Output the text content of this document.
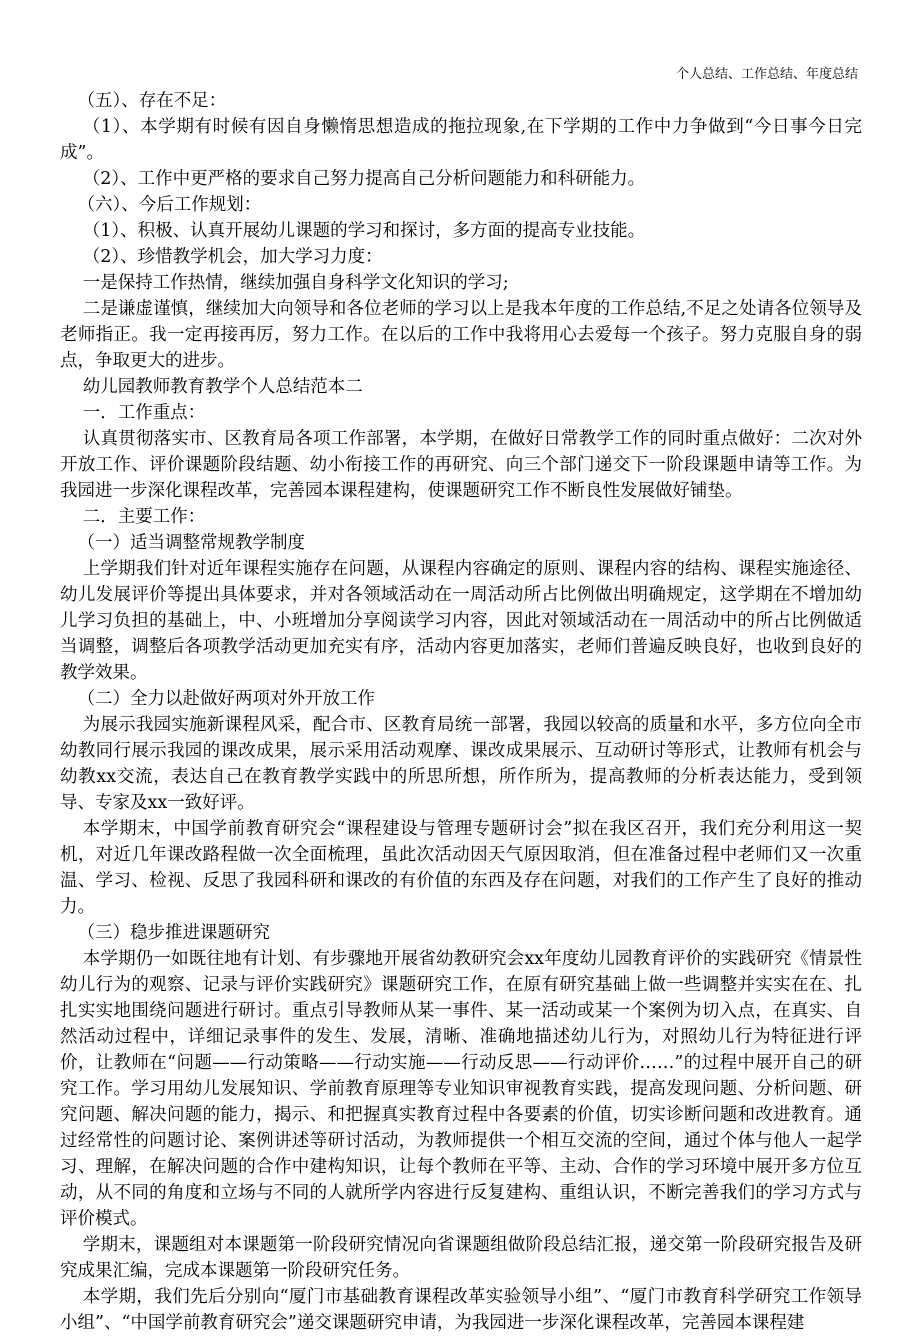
个人总结、工作总结、年度总结

（五）、存在不足：

（1）、本学期有时候有因自身懒惰思想造成的拖拉现象,在下学期的工作中力争做到“今日事今日完成”。

（2）、工作中更严格的要求自己努力提高自己分析问题能力和科研能力。

（六）、今后工作规划：

（1）、积极、认真开展幼儿课题的学习和探讨，多方面的提高专业技能。

（2）、珍惜教学机会，加大学习力度：

一是保持工作热情，继续加强自身科学文化知识的学习;

二是谦虚谨慎，继续加大向领导和各位老师的学习以上是我本年度的工作总结,不足之处请各位领导及老师指正。我一定再接再厉，努力工作。在以后的工作中我将用心去爱每一个孩子。努力克服自身的弱点，争取更大的进步。

幼儿园教师教育教学个人总结范本二

一．工作重点：

认真贯彻落实市、区教育局各项工作部署，本学期，在做好日常教学工作的同时重点做好：二次对外开放工作、评价课题阶段结题、幼小衔接工作的再研究、向三个部门递交下一阶段课题申请等工作。为我园进一步深化课程改革，完善园本课程建构，使课题研究工作不断良性发展做好铺垫。

二．主要工作：

（一）适当调整常规教学制度

上学期我们针对近年课程实施存在问题，从课程内容确定的原则、课程内容的结构、课程实施途径、幼儿发展评价等提出具体要求，并对各领域活动在一周活动所占比例做出明确规定，这学期在不增加幼儿学习负担的基础上，中、小班增加分享阅读学习内容，因此对领域活动在一周活动中的所占比例做适当调整，调整后各项教学活动更加充实有序，活动内容更加落实，老师们普遍反映良好，也收到良好的教学效果。

（二）全力以赴做好两项对外开放工作

为展示我园实施新课程风采，配合市、区教育局统一部署，我园以较高的质量和水平，多方位向全市幼教同行展示我园的课改成果，展示采用活动观摩、课改成果展示、互动研讨等形式，让教师有机会与幼教xx交流，表达自己在教育教学实践中的所思所想，所作所为，提高教师的分析表达能力，受到领导、专家及xx一致好评。

本学期末，中国学前教育研究会“课程建设与管理专题研讨会”拟在我区召开，我们充分利用这一契机，对近几年课改路程做一次全面梳理，虽此次活动因天气原因取消，但在准备过程中老师们又一次重温、学习、检视、反思了我园科研和课改的有价值的东西及存在问题，对我们的工作产生了良好的推动力。

（三）稳步推进课题研究

本学期仍一如既往地有计划、有步骤地开展省幼教研究会xx年度幼儿园教育评价的实践研究《情景性幼儿行为的观察、记录与评价实践研究》课题研究工作，在原有研究基础上做一些调整并实实在在、扎扎实实地围绕问题进行研讨。重点引导教师从某一事件、某一活动或某一个案例为切入点，在真实、自然活动过程中，详细记录事件的发生、发展，清晰、准确地描述幼儿行为，对照幼儿行为特征进行评价，让教师在“问题——行动策略——行动实施——行动反思——行动评价……”的过程中展开自己的研究工作。学习用幼儿发展知识、学前教育原理等专业知识审视教育实践，提高发现问题、分析问题、研究问题、解决问题的能力，揭示、和把握真实教育过程中各要素的价值，切实诊断问题和改进教育。通过经常性的问题讨论、案例讲述等研讨活动，为教师提供一个相互交流的空间，通过个体与他人一起学习、理解，在解决问题的合作中建构知识，让每个教师在平等、主动、合作的学习环境中展开多方位互动，从不同的角度和立场与不同的人就所学内容进行反复建构、重组认识，不断完善我们的学习方式与评价模式。

学期末，课题组对本课题第一阶段研究情况向省课题组做阶段总结汇报，递交第一阶段研究报告及研究成果汇编，完成本课题第一阶段研究任务。

本学期，我们先后分别向“厦门市基础教育课程改革实验领导小组”、“厦门市教育科学研究工作领导小组”、“中国学前教育研究会”递交课题研究申请，为我园进一步深化课程改革，完善园本课程建
